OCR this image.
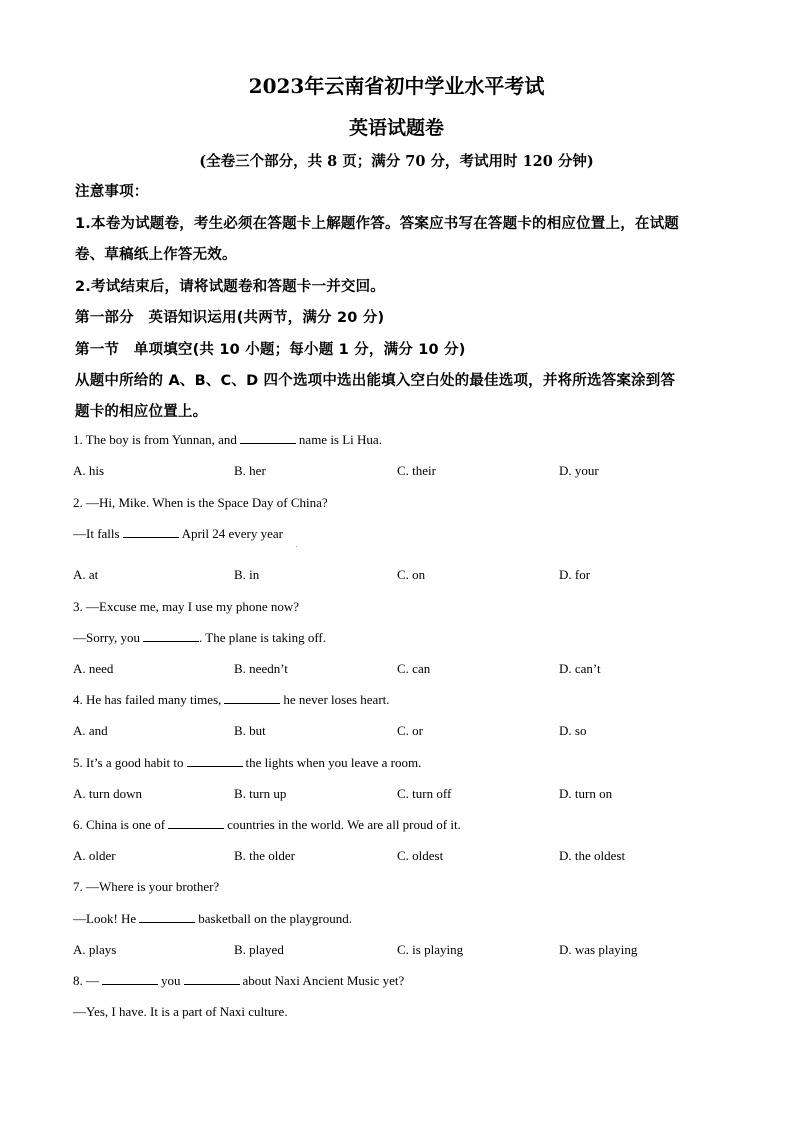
2023年云南省初中学业水平考试
英语试题卷
(全卷三个部分，共 8 页；满分 70 分，考试用时 120 分钟)
注意事项：
1.本卷为试题卷，考生必须在答题卡上解题作答。答案应书写在答题卡的相应位置上，在试题
卷、草稿纸上作答无效。
2.考试结束后，请将试题卷和答题卡一并交回。
第一部分　英语知识运用(共两节，满分 20 分)
第一节　单项填空(共 10 小题；每小题 1 分，满分 10 分)
从题中所给的 A、B、C、D 四个选项中选出能填入空白处的最佳选项，并将所选答案涂到答
题卡的相应位置上。
1. The boy is from Yunnan, and	name is Li Hua.
A. his	B. her	C. their	D. your
2. —Hi, Mike. When is the Space Day of China?
—It falls	April 24 every year
A. at	B. in	C. on	D. for
3. —Excuse me, may I use my phone now?
—Sorry, you	. The plane is taking off.
A. need	B. needn’t	C. can	D. can’t
4. He has failed many times,	he never loses heart.
A. and	B. but	C. or	D. so
5. It’s a good habit to	the lights when you leave a room.
A. turn down	B. turn up	C. turn off	D. turn on
6. China is one of	countries in the world. We are all proud of it.
A. older	B. the older	C. oldest	D. the oldest
7. —Where is your brother?
—Look! He	basketball on the playground.
A. plays	B. played	C. is playing	D. was playing
8. —	you	about Naxi Ancient Music yet?
—Yes, I have. It is a part of Naxi culture.
